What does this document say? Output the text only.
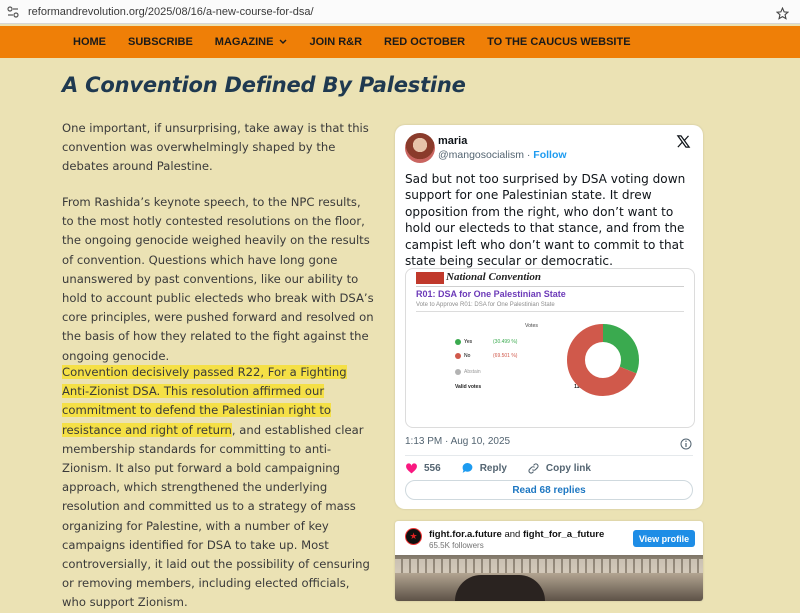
reformandrevolution.org/2025/08/16/a-new-course-for-dsa/
HOME SUBSCRIBE MAGAZINE	JOIN R&R RED OCTOBER TO THE CAUCUS WEBSITE
A Convention Defined By Palestine

One important, if unsurprising, take away is that this convention was overwhelmingly shaped by the debates around Palestine.

From Rashida’s keynote speech, to the NPC results, to the most hotly contested resolutions on the floor, the ongoing genocide weighed heavily on the results of convention. Questions which have long gone unanswered by past conventions, like our ability to hold to account public electeds who break with DSA’s core principles, were pushed forward and resolved on the basis of how they related to the fight against the ongoing genocide.

Convention decisively passed R22, For a Fighting Anti-Zionist DSA. This resolution affirmed our commitment to defend the Palestinian right to resistance and right of return, and established clear membership standards for committing to anti-Zionism. It also put forward a bold campaigning approach, which strengthened the underlying resolution and committed us to a strategy of mass organizing for Palestine, with a number of key campaigns identified for DSA to take up. Most controversially, it laid out the possibility of censuring or removing members, including elected officials, who support Zionism.

maria
@mangosocialism · Follow

Sad but not too surprised by DSA voting down support for one Palestinian state. It drew opposition from the right, who don’t want to hold our electeds to that stance, and from the campist left who don’t want to commit to that state being secular or democratic.

National Convention
R01: DSA for One Palestinian State
Vote to Approve R01: DSA for One Palestinian State
Votes
Yes	(30.499 %)	338
No	(69.501 %)	752
Abstain	45
Valid votes	1135
1:13 PM · Aug 10, 2025
556	Reply	Copy link
Read 68 replies
★	fight.for.a.future and fight_for_a_future
65.5K followers
View profile
